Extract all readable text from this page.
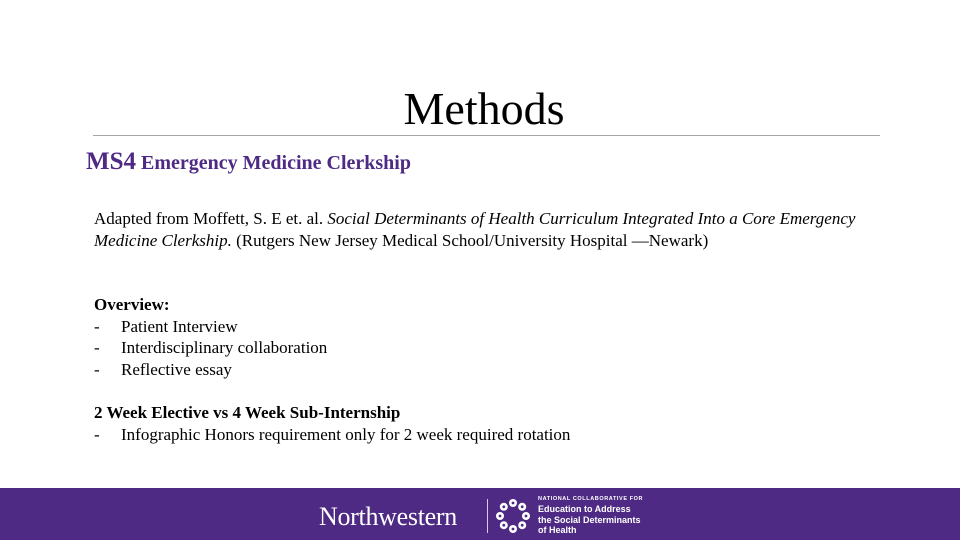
Methods
MS4 Emergency Medicine Clerkship
Adapted from Moffett, S. E et. al. Social Determinants of Health Curriculum Integrated Into a Core Emergency Medicine Clerkship. (Rutgers New Jersey Medical School/University Hospital —Newark)
Overview:
-	Patient Interview
-	Interdisciplinary collaboration
-	Reflective essay
2 Week Elective vs 4 Week Sub-Internship
-	Infographic Honors requirement only for 2 week required rotation
Northwestern
NATIONAL COLLABORATIVE FOR
Education to Address
the Social Determinants
of Health
